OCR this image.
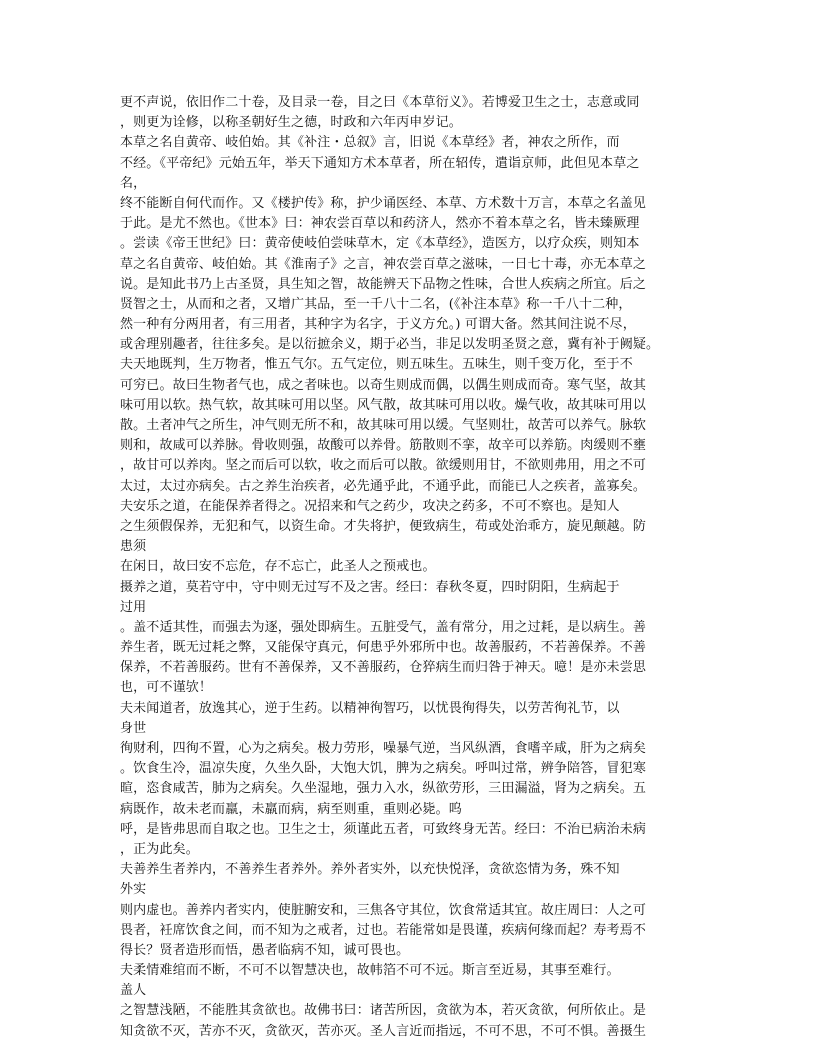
更不声说，依旧作二十卷，及目录一卷，目之曰《本草衍义》。若博爱卫生之士，志意或同
，则更为诠修，以称圣朝好生之德，时政和六年丙申岁记。
本草之名自黄帝、岐伯始。其《补注・总叙》言，旧说《本草经》者，神农之所作，而
不经。《平帝纪》元始五年，举天下通知方术本草者，所在轺传，遣诣京师，此但见本草之
名，
终不能断自何代而作。又《楼护传》称，护少诵医经、本草、方术数十万言，本草之名盖见
于此。是尤不然也。《世本》曰：神农尝百草以和药济人，然亦不着本草之名，皆未臻厥理
。尝读《帝王世纪》曰：黄帝使岐伯尝味草木，定《本草经》，造医方，以疗众疾，则知本
草之名自黄帝、岐伯始。其《淮南子》之言，神农尝百草之滋味，一日七十毒，亦无本草之
说。是知此书乃上古圣贤，具生知之智，故能辨天下品物之性味，合世人疾病之所宜。后之
贤智之士，从而和之者，又增广其品，至一千八十二名，(《补注本草》称一千八十二种，
然一种有分两用者，有三用者，其种字为名字，于义方允。) 可谓大备。然其间注说不尽，
或舍理别趣者，往往多矣。是以衍摭余义，期于必当，非足以发明圣贤之意，冀有补于阙疑。
夫天地既判，生万物者，惟五气尔。五气定位，则五味生。五味生，则千变万化，至于不
可穷已。故曰生物者气也，成之者味也。以奇生则成而偶，以偶生则成而奇。寒气坚，故其
味可用以软。热气软，故其味可用以坚。风气散，故其味可用以收。燥气收，故其味可用以
散。土者冲气之所生，冲气则无所不和，故其味可用以缓。气坚则壮，故苦可以养气。脉软
则和，故咸可以养脉。骨收则强，故酸可以养骨。筋散则不挛，故辛可以养筋。肉缓则不壅
，故甘可以养肉。坚之而后可以软，收之而后可以散。欲缓则用甘，不欲则弗用，用之不可
太过，太过亦病矣。古之养生治疾者，必先通乎此，不通乎此，而能已人之疾者，盖寡矣。
夫安乐之道，在能保养者得之。况招来和气之药少，攻决之药多，不可不察也。是知人
之生须假保养，无犯和气，以资生命。才失将护，便致病生，苟或处治乖方，旋见颠越。防
患须
在闲日，故曰安不忘危，存不忘亡，此圣人之预戒也。
摄养之道，莫若守中，守中则无过写不及之害。经曰：春秋冬夏，四时阴阳，生病起于
过用
。盖不适其性，而强去为逐，强处即病生。五脏受气，盖有常分，用之过耗，是以病生。善
养生者，既无过耗之弊，又能保守真元，何患乎外邪所中也。故善服药，不若善保养。不善
保养，不若善服药。世有不善保养，又不善服药，仓猝病生而归咎于神天。噫！是亦未尝思
也，可不谨欤！
夫未闻道者，放逸其心，逆于生药。以精神徇智巧，以忧畏徇得失，以劳苦徇礼节，以
身世
徇财利，四徇不置，心为之病矣。极力劳形，噪暴气逆，当风纵酒，食嗜辛咸，肝为之病矣
。饮食生冷，温凉失度，久坐久卧，大饱大饥，脾为之病矣。呼叫过常，辨争陪答，冒犯寒
暄，恣食咸苦，肺为之病矣。久坐湿地，强力入水，纵欲劳形，三田漏溢，肾为之病矣。五
病既作，故未老而羸，未羸而病，病至则重，重则必毙。呜
呼，是皆弗思而自取之也。卫生之士，须谨此五者，可致终身无苦。经曰：不治已病治未病
，正为此矣。
夫善养生者养内，不善养生者养外。养外者实外，以充快悦泽，贪欲恣情为务，殊不知
外实
则内虚也。善养内者实内，使脏腑安和，三焦各守其位，饮食常适其宜。故庄周曰：人之可
畏者，衽席饮食之间，而不知为之戒者，过也。若能常如是畏谨，疾病何缘而起？寿考焉不
得长？贤者造形而悟，愚者临病不知，诚可畏也。
夫柔情难绾而不断，不可不以智慧决也，故帏箔不可不远。斯言至近易，其事至难行。
盖人
之智慧浅陋，不能胜其贪欲也。故佛书曰：诸苦所因，贪欲为本，若灭贪欲，何所依止。是
知贪欲不灭，苦亦不灭，贪欲灭，苦亦灭。圣人言近而指远，不可不思，不可不惧。善摄生
